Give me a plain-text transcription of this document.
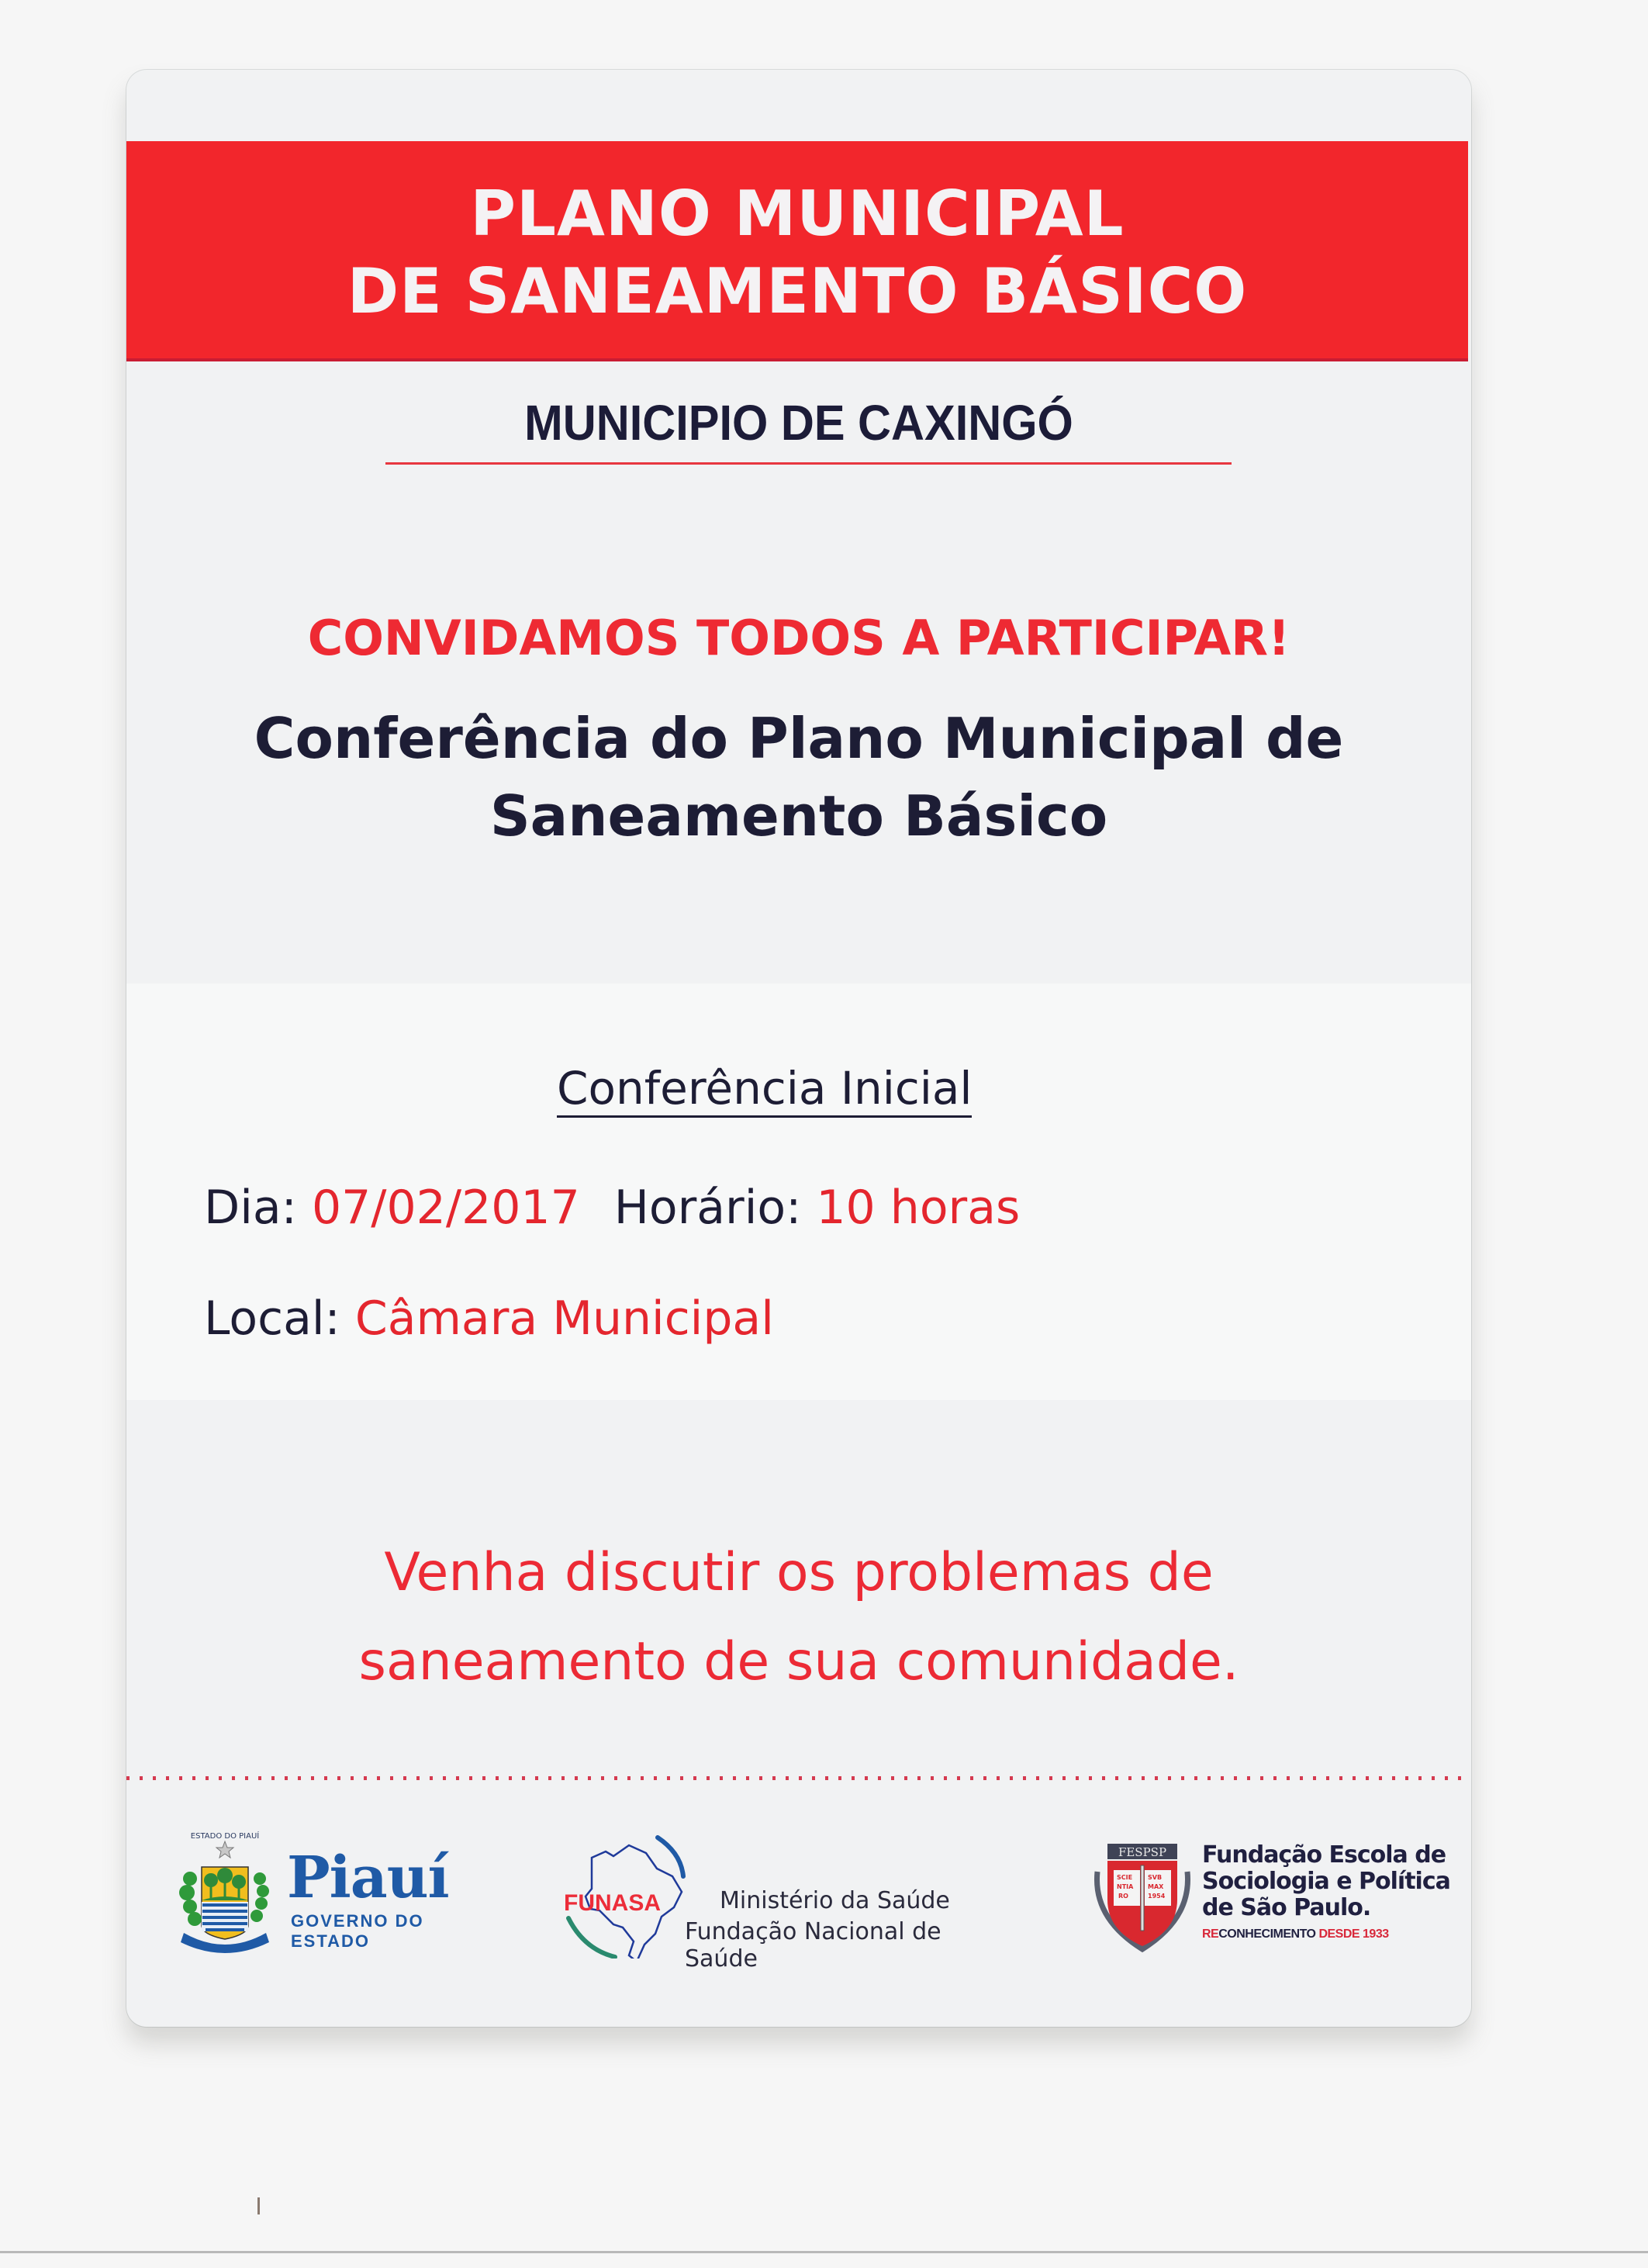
PLANO MUNICIPAL
DE SANEAMENTO BÁSICO
MUNICIPIO DE CAXINGÓ
CONVIDAMOS TODOS A PARTICIPAR!
Conferência do Plano Municipal de
Saneamento Básico
Conferência Inicial
Dia: 07/02/2017 Horário: 10 horas
Local: Câmara Municipal
Venha discutir os problemas de
saneamento de sua comunidade.
ESTADO DO PIAUÍ
Piauí
GOVERNO DO ESTADO
FUNASA	Ministério da Saúde
Fundação Nacional de Saúde
FESPSP
SCIE
NTIA
RO
SVB
MAX
1954
Fundação Escola de
Sociologia e Política
de São Paulo.
RECONHECIMENTO DESDE 1933
